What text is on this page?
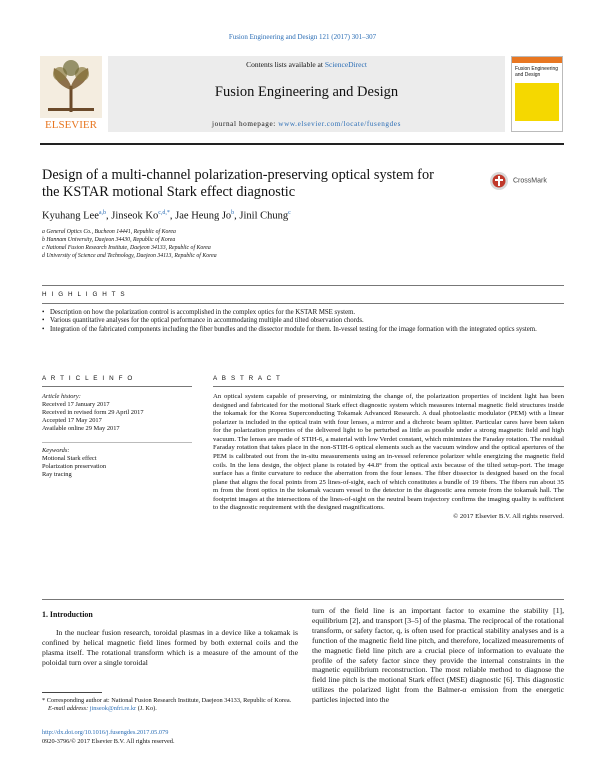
Fusion Engineering and Design 121 (2017) 301–307
ELSEVIER
Contents lists available at ScienceDirect
Fusion Engineering and Design
journal homepage: www.elsevier.com/locate/fusengdes
Fusion Engineering and Design
Design of a multi-channel polarization-preserving optical system for
the KSTAR motional Stark effect diagnostic
CrossMark
Kyuhang Lee$^{a,b}$, Jinseok $Ko^{c,d,*}$, Jae Heung Jo$^b$, Jinil Chung$^c$
a General Optics Co., Bucheon 14441, Republic of Korea
b Hannam University, Daejeon 34430, Republic of Korea
c National Fusion Research Institute, Daejeon 34133, Republic of Korea
d University of Science and Technology, Daejeon 34113, Republic of Korea
H I G H L I G H T S
• Description on how the polarization control is accomplished in the complex optics for the KSTAR MSE system.
• Various quantitative analyses for the optical performance in accommodating multiple and tilted observation chords.
• Integration of the fabricated components including the fiber bundles and the dissector module for them. In-vessel testing for the image formation with the integrated optics system.
A R T I C L E I N F O
Article history:
Received 17 January 2017
Received in revised form 29 April 2017
Accepted 17 May 2017
Available online 29 May 2017
Keywords:
Motional Stark effect
Polarization preservation
Ray tracing
A B S T R A C T
An optical system capable of preserving, or minimizing the change of, the polarization properties of incident light has been designed and fabricated for the motional Stark effect diagnostic system which measures internal magnetic field structures inside the tokamak for the Korea Superconducting Tokamak Advanced Research. A dual photoelastic modulator (PEM) with a linear polarizer is included in the optical train with four lenses, a mirror and a dichroic beam splitter. Particular cares have been taken for the polarization properties of the delivered light to be perturbed as little as possible under a strong magnetic field and high vacuum. The lenses are made of STIH-6, a material with low Verdet constant, which minimizes the Faraday rotation. The residual Faraday rotation that takes place in the non-STIH-6 optical elements such as the vacuum window and the optical apertures of the PEM is calibrated out from the in-situ measurements using an in-vessel reference polarizer while energizing the magnetic field coils. In the lens design, the object plane is rotated by 44.8° from the optical axis because of the tilted setup-port. The image surface has a finite curvature to reduce the aberration from the four lenses. The fiber dissector is designed based on the focal plane that aligns the focal points from 25 lines-of-sight, each of which constitutes a bundle of 19 fibers. The fibers run about 35 m from the front optics in the tokamak vacuum vessel to the detector in the diagnostic area remote from the tokamak hall. The footprint images at the intersections of the lines-of-sight on the neutral beam trajectory confirms the imaging quality is sufficient to the diagnostic requirement with the designed magnifications.
© 2017 Elsevier B.V. All rights reserved.
1. Introduction
In the nuclear fusion research, toroidal plasmas in a device like a tokamak is confined by helical magnetic field lines formed by both external coils and the plasma itself. The rotational transform which is a measure of the amount of the poloidal turn over a single toroidal
turn of the field line is an important factor to examine the stability [1], equilibrium [2], and transport [3–5] of the plasma. The reciprocal of the rotational transform, or safety factor, q, is often used for practical stability analyses and is a function of the magnetic field line pitch, and therefore, localized measurements of the magnetic field line pitch are a crucial piece of information to evaluate the profile of the safety factor since they provide the internal constraints in the magnetic equilibrium reconstruction. The most reliable method to diagnose the field line pitch is the motional Stark effect (MSE) diagnostic [6]. This diagnostic utilizes the polarized light from the Balmer-α emission from the energetic particles injected into the
* Corresponding author at: National Fusion Research Institute, Daejeon 34133, Republic of Korea.
E-mail address: jinseok@nfri.re.kr (J. Ko).
http://dx.doi.org/10.1016/j.fusengdes.2017.05.079
0920-3796/© 2017 Elsevier B.V. All rights reserved.
